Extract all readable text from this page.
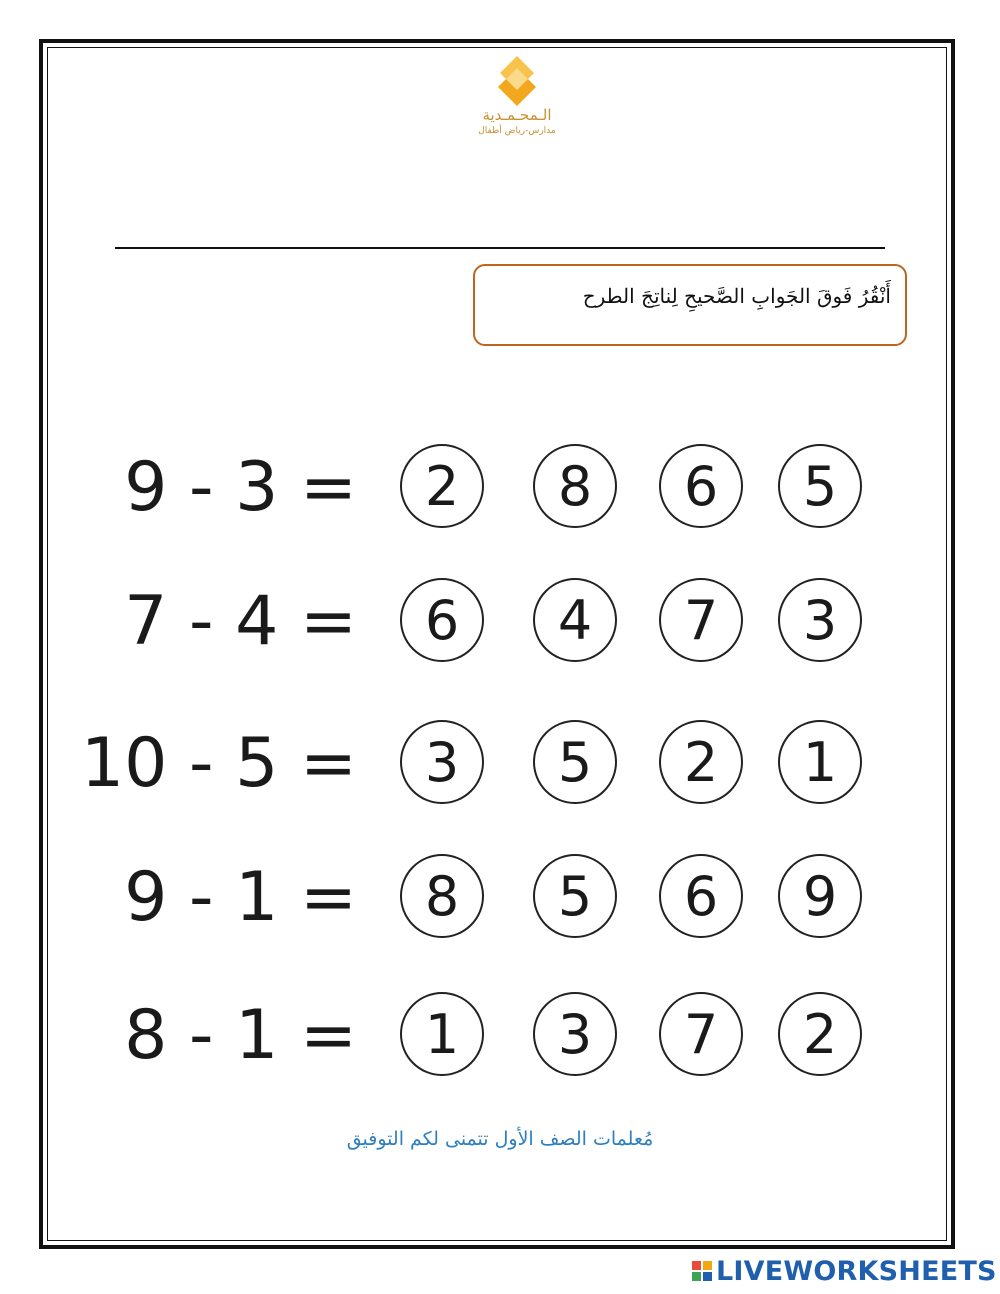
الـمحـمـدية
مدارس-رياض أطفال
أَنْقُرُ فَوقَ الجَوابِ الصَّحيحِ لِناتِجَ الطرح
9 - 3 =	2	8	6	5
7 - 4 =	6	4	7	3
10 - 5 =	3	5	2	1
9 - 1 =	8	5	6	9
8 - 1 =	1	3	7	2
مُعلمات الصف الأول تتمنى لكم التوفيق
LIVEWORKSHEETS
